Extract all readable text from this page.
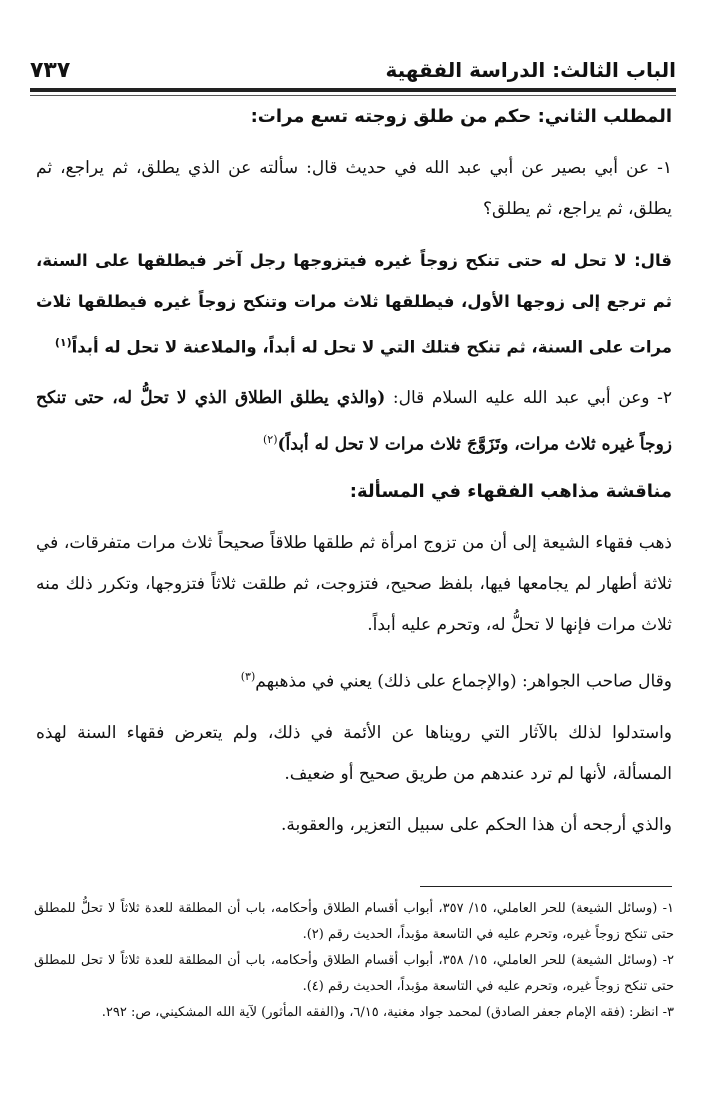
الباب الثالث: الدراسة الفقهية
٧٣٧

المطلب الثاني: حكم من طلق زوجته تسع مرات:

١- عن أبي بصير عن أبي عبد الله في حديث قال: سألته عن الذي يطلق، ثم يراجع، ثم يطلق، ثم يراجع، ثم يطلق؟

قال: لا تحل له حتى تنكح زوجاً غيره فيتزوجها رجل آخر فيطلقها على السنة، ثم ترجع إلى زوجها الأول، فيطلقها ثلاث مرات وتنكح زوجاً غيره فيطلقها ثلاث مرات على السنة، ثم تنكح فتلك التي لا تحل له أبداً، والملاعنة لا تحل له أبداً$^{(١)}$

٢- وعن أبي عبد الله عليه السلام قال: (والذي يطلق الطلاق الذي لا تحلُّ له، حتى تنكح زوجاً غيره ثلاث مرات، وتَزَوَّجَ ثلاث مرات لا تحل له أبداً)$^{(٢)}$

مناقشة مذاهب الفقهاء في المسألة:

ذهب فقهاء الشيعة إلى أن من تزوج امرأة ثم طلقها طلاقاً صحيحاً ثلاث مرات متفرقات، في ثلاثة أطهار لم يجامعها فيها، بلفظ صحيح، فتزوجت، ثم طلقت ثلاثاً فتزوجها، وتكرر ذلك منه ثلاث مرات فإنها لا تحلُّ له، وتحرم عليه أبداً.

وقال صاحب الجواهر: (والإجماع على ذلك) يعني في مذهبهم$^{(٣)}$

واستدلوا لذلك بالآثار التي رويناها عن الأئمة في ذلك، ولم يتعرض فقهاء السنة لهذه المسألة، لأنها لم ترد عندهم من طريق صحيح أو ضعيف.

والذي أرجحه أن هذا الحكم على سبيل التعزير، والعقوبة.

١- (وسائل الشيعة) للحر العاملي، ١٥/ ٣٥٧، أبواب أقسام الطلاق وأحكامه، باب أن المطلقة للعدة ثلاثاً لا تحلُّ للمطلق حتى تنكح زوجاً غيره، وتحرم عليه في التاسعة مؤبداً، الحديث رقم (٢).

٢- (وسائل الشيعة) للحر العاملي، ١٥/ ٣٥٨، أبواب أقسام الطلاق وأحكامه، باب أن المطلقة للعدة ثلاثاً لا تحل للمطلق حتى تنكح زوجاً غيره، وتحرم عليه في التاسعة مؤبداً، الحديث رقم (٤).

٣- انظر: (فقه الإمام جعفر الصادق) لمحمد جواد مغنية، ٦/١٥، و(الفقه المأثور) لآية الله المشكيني، ص: ٢٩٢.
